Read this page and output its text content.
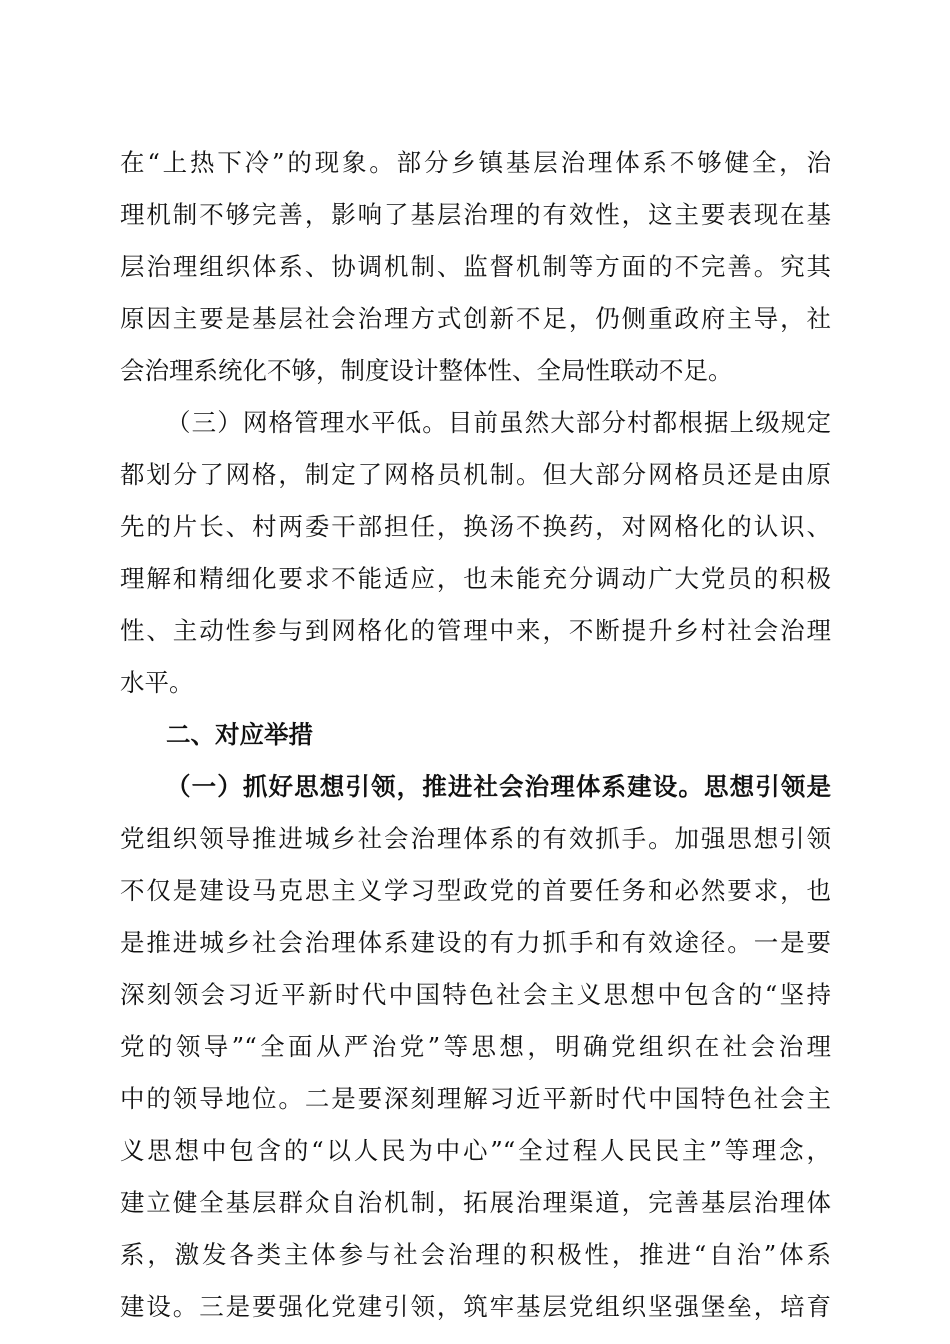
在“上热下冷”的现象。部分乡镇基层治理体系不够健全，治
理机制不够完善，影响了基层治理的有效性，这主要表现在基
层治理组织体系、协调机制、监督机制等方面的不完善。究其
原因主要是基层社会治理方式创新不足，仍侧重政府主导，社
会治理系统化不够，制度设计整体性、全局性联动不足。
（三）网格管理水平低。目前虽然大部分村都根据上级规定
都划分了网格，制定了网格员机制。但大部分网格员还是由原
先的片长、村两委干部担任，换汤不换药，对网格化的认识、
理解和精细化要求不能适应，也未能充分调动广大党员的积极
性、主动性参与到网格化的管理中来，不断提升乡村社会治理
水平。
二、对应举措
（一）抓好思想引领，推进社会治理体系建设。思想引领是
党组织领导推进城乡社会治理体系的有效抓手。加强思想引领
不仅是建设马克思主义学习型政党的首要任务和必然要求，也
是推进城乡社会治理体系建设的有力抓手和有效途径。一是要
深刻领会习近平新时代中国特色社会主义思想中包含的“坚持
党的领导”“全面从严治党”等思想，明确党组织在社会治理
中的领导地位。二是要深刻理解习近平新时代中国特色社会主
义思想中包含的“以人民为中心”“全过程人民民主”等理念，
建立健全基层群众自治机制，拓展治理渠道，完善基层治理体
系，激发各类主体参与社会治理的积极性，推进“自治”体系
建设。三是要强化党建引领，筑牢基层党组织坚强堡垒，培育
